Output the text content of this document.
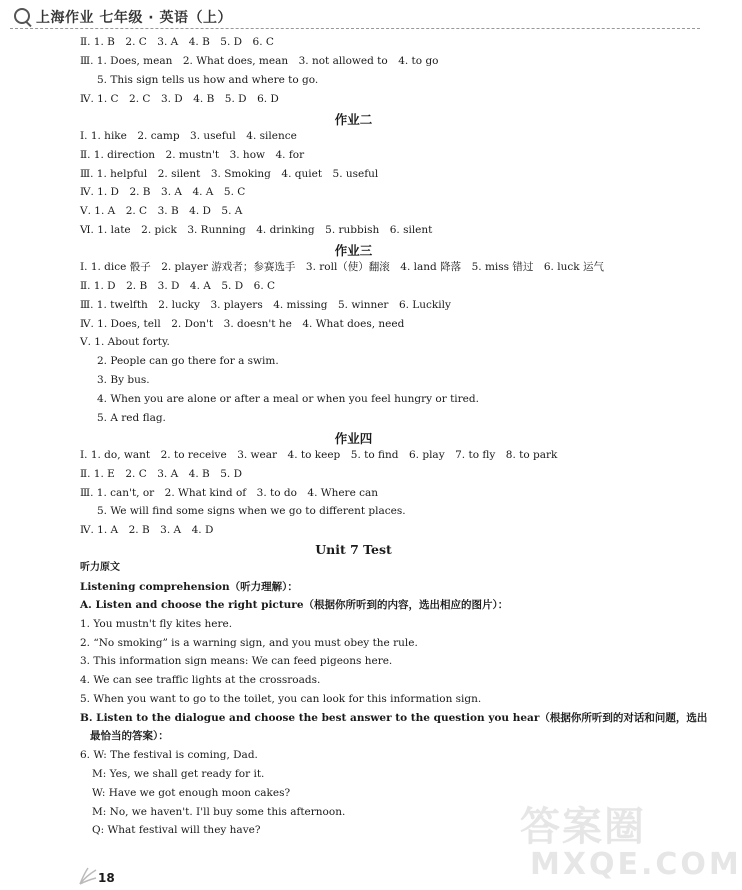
上海作业 七年级 · 英语（上）
Ⅱ. 1. B　2. C　3. A　4. B　5. D　6. C
Ⅲ. 1. Does, mean　2. What does, mean　3. not allowed to　4. to go
5. This sign tells us how and where to go.
Ⅳ. 1. C　2. C　3. D　4. B　5. D　6. D
作业二
Ⅰ. 1. hike　2. camp　3. useful　4. silence
Ⅱ. 1. direction　2. mustn't　3. how　4. for
Ⅲ. 1. helpful　2. silent　3. Smoking　4. quiet　5. useful
Ⅳ. 1. D　2. B　3. A　4. A　5. C
Ⅴ. 1. A　2. C　3. B　4. D　5. A
Ⅵ. 1. late　2. pick　3. Running　4. drinking　5. rubbish　6. silent
作业三
Ⅰ. 1. dice 骰子　2. player 游戏者；参赛选手　3. roll（使）翻滚　4. land 降落　5. miss 错过　6. luck 运气
Ⅱ. 1. D　2. B　3. D　4. A　5. D　6. C
Ⅲ. 1. twelfth　2. lucky　3. players　4. missing　5. winner　6. Luckily
Ⅳ. 1. Does, tell　2. Don't　3. doesn't he　4. What does, need
Ⅴ. 1. About forty.
2. People can go there for a swim.
3. By bus.
4. When you are alone or after a meal or when you feel hungry or tired.
5. A red flag.
作业四
Ⅰ. 1. do, want　2. to receive　3. wear　4. to keep　5. to find　6. play　7. to fly　8. to park
Ⅱ. 1. E　2. C　3. A　4. B　5. D
Ⅲ. 1. can't, or　2. What kind of　3. to do　4. Where can
5. We will find some signs when we go to different places.
Ⅳ. 1. A　2. B　3. A　4. D
Unit 7 Test
听力原文
Listening comprehension（听力理解）：
A. Listen and choose the right picture（根据你所听到的内容，选出相应的图片）：
1. You mustn't fly kites here.
2. “No smoking” is a warning sign, and you must obey the rule.
3. This information sign means: We can feed pigeons here.
4. We can see traffic lights at the crossroads.
5. When you want to go to the toilet, you can look for this information sign.
B. Listen to the dialogue and choose the best answer to the question you hear（根据你所听到的对话和问题，选出
最恰当的答案）：
6. W: The festival is coming, Dad.
M: Yes, we shall get ready for it.
W: Have we got enough moon cakes?
M: No, we haven't. I'll buy some this afternoon.
Q: What festival will they have?	答案圈
MXQE.COM
18
